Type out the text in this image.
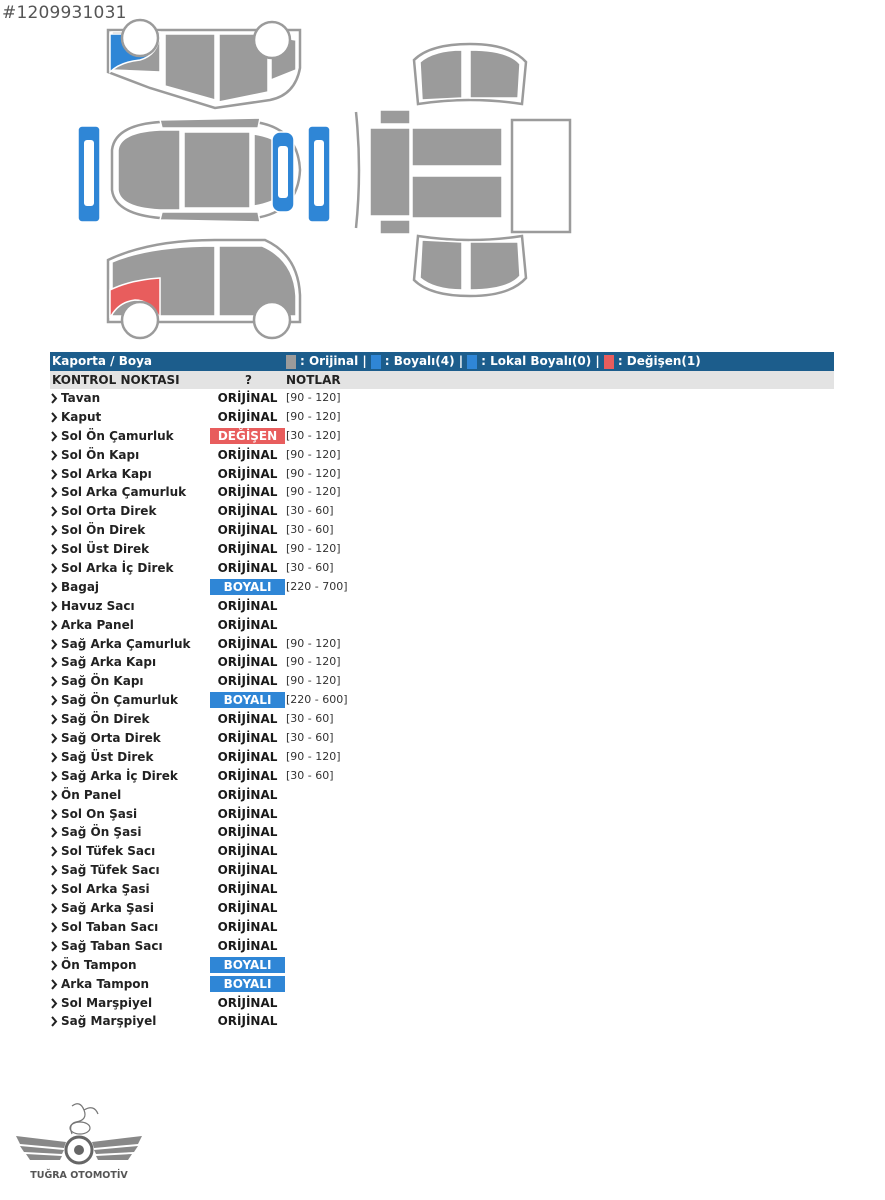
#1209931031
Kaporta / Boya	: Orijinal | : Boyalı(4) | : Lokal Boyalı(0) | : Değişen(1)
KONTROL NOKTASI	?	NOTLAR
Tavan	ORİJİNAL [90 - 120]
Kaput	ORİJİNAL [90 - 120]
Sol Ön Çamurluk	DEĞİŞEN [30 - 120]
Sol Ön Kapı	ORİJİNAL [90 - 120]
Sol Arka Kapı	ORİJİNAL [90 - 120]
Sol Arka Çamurluk	ORİJİNAL [90 - 120]
Sol Orta Direk	ORİJİNAL [30 - 60]
Sol Ön Direk	ORİJİNAL [30 - 60]
Sol Üst Direk	ORİJİNAL [90 - 120]
Sol Arka İç Direk	ORİJİNAL [30 - 60]
Bagaj	BOYALI	[220 - 700]
Havuz Sacı	ORİJİNAL
Arka Panel	ORİJİNAL
Sağ Arka Çamurluk	ORİJİNAL [90 - 120]
Sağ Arka Kapı	ORİJİNAL [90 - 120]
Sağ Ön Kapı	ORİJİNAL [90 - 120]
Sağ Ön Çamurluk	BOYALI	[220 - 600]
Sağ Ön Direk	ORİJİNAL [30 - 60]
Sağ Orta Direk	ORİJİNAL [30 - 60]
Sağ Üst Direk	ORİJİNAL [90 - 120]
Sağ Arka İç Direk	ORİJİNAL [30 - 60]
Ön Panel	ORİJİNAL
Sol On Şasi	ORİJİNAL
Sağ Ön Şasi	ORİJİNAL
Sol Tüfek Sacı	ORİJİNAL
Sağ Tüfek Sacı	ORİJİNAL
Sol Arka Şasi	ORİJİNAL
Sağ Arka Şasi	ORİJİNAL
Sol Taban Sacı	ORİJİNAL
Sağ Taban Sacı	ORİJİNAL
Ön Tampon	BOYALI
Arka Tampon	BOYALI
Sol Marşpiyel	ORİJİNAL
Sağ Marşpiyel	ORİJİNAL
TUĞRA OTOMOTİV
